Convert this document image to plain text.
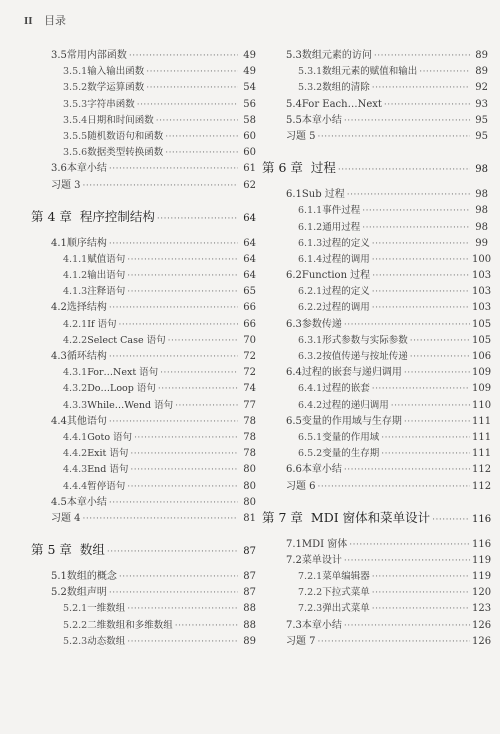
II 目录
3.5 常用内部函数 ·····	49
3.5.1 输入输出函数 ·····	49
3.5.2 数学运算函数 ·····	54
3.5.3 字符串函数 ·····	56
3.5.4 日期和时间函数 ·····	58
3.5.5 随机数语句和函数 ·····	60
3.5.6 数据类型转换函数 ·····	60
3.6 本章小结 ·····	61
习题 3 ·····	62
第 4 章 程序控制结构 ·····	64
4.1 顺序结构 ·····	64
4.1.1 赋值语句 ·····	64
4.1.2 输出语句 ·····	64
4.1.3 注释语句 ·····	65
4.2 选择结构 ·····	66
4.2.1 If 语句 ·····	66
4.2.2 Select Case 语句 ·····	70
4.3 循环结构 ·····	72
4.3.1 For…Next 语句 ·····	72
4.3.2 Do…Loop 语句 ·····	74
4.3.3 While…Wend 语句 ·····	77
4.4 其他语句 ·····	78
4.4.1 Goto 语句 ·····	78
4.4.2 Exit 语句 ·····	78
4.4.3 End 语句 ·····	80
4.4.4 暂停语句 ·····	80
4.5 本章小结 ·····	80
习题 4 ·····	81
第 5 章 数组 ·····	87
5.1 数组的概念 ·····	87
5.2 数组声明 ·····	87
5.2.1 一维数组 ·····	88
5.2.2 二维数组和多维数组 ·····	88
5.2.3 动态数组 ·····	89
5.3 数组元素的访问 ·····	89
5.3.1 数组元素的赋值和输出 ·····	89
5.3.2 数组的清除 ·····	92
5.4 For Each…Next ·····	93
5.5 本章小结 ·····	95
习题 5 ·····	95
第 6 章 过程 ·····	98
6.1 Sub 过程 ·····	98
6.1.1 事件过程 ·····	98
6.1.2 通用过程 ·····	98
6.1.3 过程的定义 ·····	99
6.1.4 过程的调用 ·····	100
6.2 Function 过程 ·····	103
6.2.1 过程的定义 ·····	103
6.2.2 过程的调用 ·····	103
6.3 参数传递 ·····	105
6.3.1 形式参数与实际参数 ·····	105
6.3.2 按值传递与按址传递 ·····	106
6.4 过程的嵌套与递归调用 ·····	109
6.4.1 过程的嵌套 ·····	109
6.4.2 过程的递归调用 ·····	110
6.5 变量的作用域与生存期 ·····	111
6.5.1 变量的作用域 ·····	111
6.5.2 变量的生存期 ·····	111
6.6 本章小结 ·····	112
习题 6 ·····	112
第 7 章 MDI 窗体和菜单设计 ·····	116
7.1 MDI 窗体 ·····	116
7.2 菜单设计 ·····	119
7.2.1 菜单编辑器 ·····	119
7.2.2 下拉式菜单 ·····	120
7.2.3 弹出式菜单 ·····	123
7.3 本章小结 ·····	126
习题 7 ·····	126
